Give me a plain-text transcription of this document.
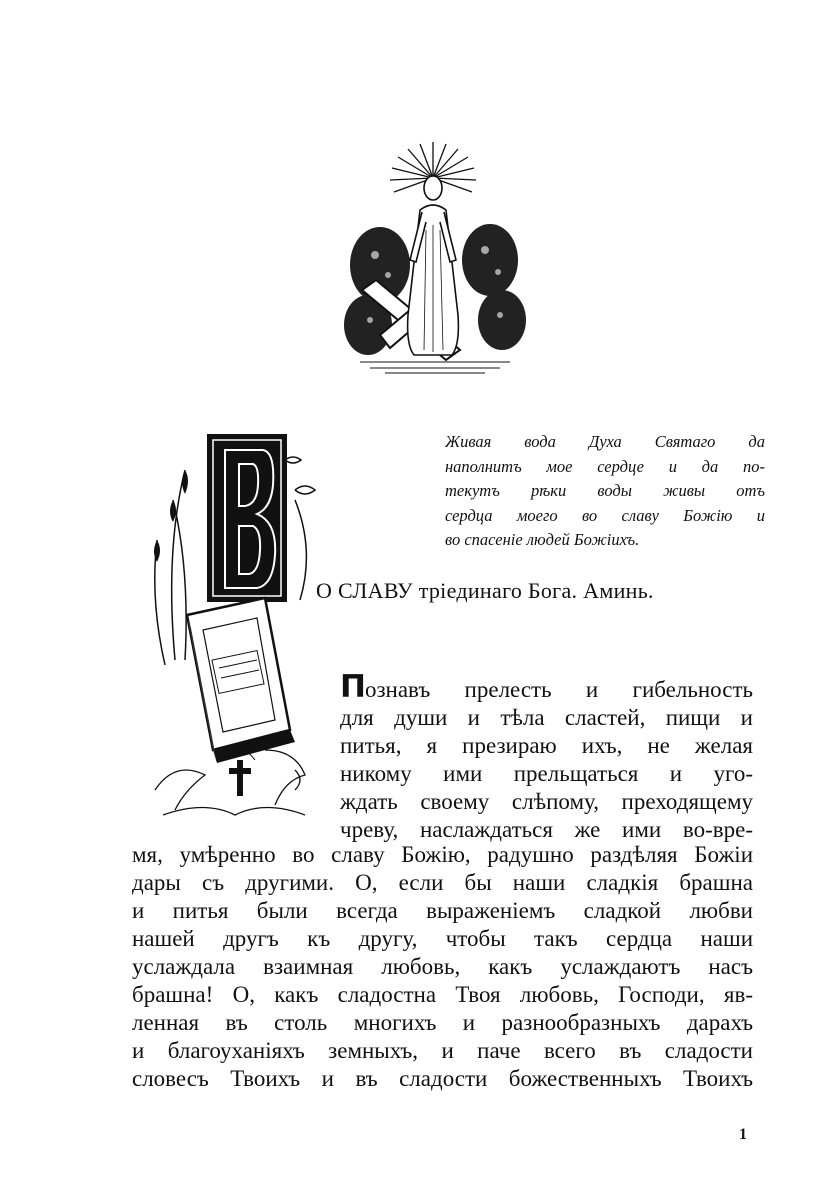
Живая вода Духа Святаго да
наполнитъ мое сердце и да по-
текутъ рѣки воды живы отъ
сердца моего во славу Божію и
во спасеніе людей Божіихъ.
О СЛАВУ тріединаго Бога. Аминь.
Познавъ прелесть и гибельность
для души и тѣла сластей, пищи и
питья, я презираю ихъ, не желая
никому ими прельщаться и уго-
ждать своему слѣпому, преходящему
чреву, наслаждаться же ими во-вре-
мя, умѣренно во славу Божію, радушно раздѣляя Божіи
дары съ другими. О, если бы наши сладкія брашна
и питья были всегда выраженіемъ сладкой любви
нашей другъ къ другу, чтобы такъ сердца наши
услаждала взаимная любовь, какъ услаждаютъ насъ
брашна! О, какъ сладостна Твоя любовь, Господи, яв-
ленная въ столь многихъ и разнообразныхъ дарахъ
и благоуханіяхъ земныхъ, и паче всего въ сладости
словесъ Твоихъ и въ сладости божественныхъ Твоихъ
1
